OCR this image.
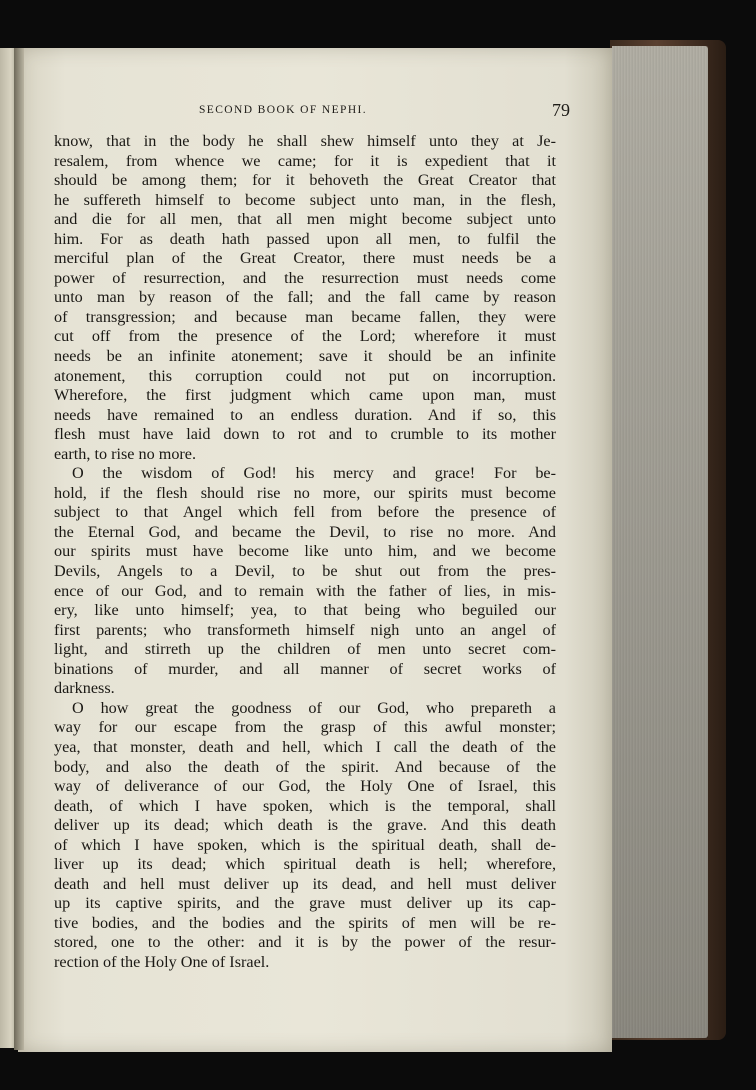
SECOND BOOK OF NEPHI.	79
know, that in the body he shall shew himself unto they at Je-
resalem, from whence we came; for it is expedient that it
should be among them; for it behoveth the Great Creator that
he suffereth himself to become subject unto man, in the flesh,
and die for all men, that all men might become subject unto
him. For as death hath passed upon all men, to fulfil the
merciful plan of the Great Creator, there must needs be a
power of resurrection, and the resurrection must needs come
unto man by reason of the fall; and the fall came by reason
of transgression; and because man became fallen, they were
cut off from the presence of the Lord; wherefore it must
needs be an infinite atonement; save it should be an infinite
atonement, this corruption could not put on incorruption.
Wherefore, the first judgment which came upon man, must
needs have remained to an endless duration. And if so, this
flesh must have laid down to rot and to crumble to its mother
earth, to rise no more.
O the wisdom of God! his mercy and grace! For be-
hold, if the flesh should rise no more, our spirits must become
subject to that Angel which fell from before the presence of
the Eternal God, and became the Devil, to rise no more. And
our spirits must have become like unto him, and we become
Devils, Angels to a Devil, to be shut out from the pres-
ence of our God, and to remain with the father of lies, in mis-
ery, like unto himself; yea, to that being who beguiled our
first parents; who transformeth himself nigh unto an angel of
light, and stirreth up the children of men unto secret com-
binations of murder, and all manner of secret works of
darkness.
O how great the goodness of our God, who prepareth a
way for our escape from the grasp of this awful monster;
yea, that monster, death and hell, which I call the death of the
body, and also the death of the spirit. And because of the
way of deliverance of our God, the Holy One of Israel, this
death, of which I have spoken, which is the temporal, shall
deliver up its dead; which death is the grave. And this death
of which I have spoken, which is the spiritual death, shall de-
liver up its dead; which spiritual death is hell; wherefore,
death and hell must deliver up its dead, and hell must deliver
up its captive spirits, and the grave must deliver up its cap-
tive bodies, and the bodies and the spirits of men will be re-
stored, one to the other: and it is by the power of the resur-
rection of the Holy One of Israel.
